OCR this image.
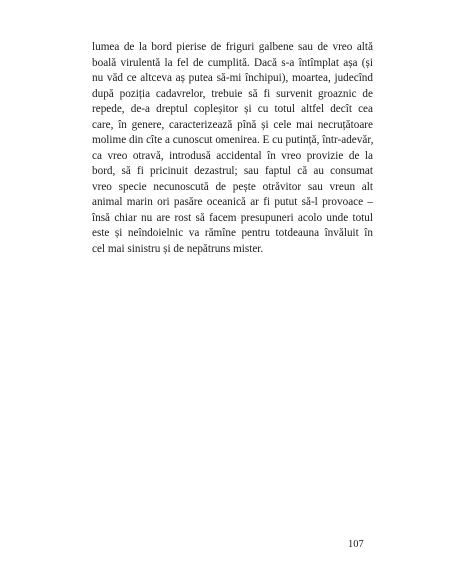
lumea de la bord pierise de friguri galbene sau de vreo altă
boală virulentă la fel de cumplită. Dacă s-a întîmplat așa (și
nu văd ce altceva aș putea să-mi închipui), moartea, judecînd
după poziția cadavrelor, trebuie să fi survenit groaznic de
repede, de-a dreptul copleșitor și cu totul altfel decît cea
care, în genere, caracterizează pînă și cele mai necruțătoare
molime din cîte a cunoscut omenirea. E cu putință, într-adevăr,
ca vreo otravă, introdusă accidental în vreo provizie de la
bord, să fi pricinuit dezastrul; sau faptul că au consumat
vreo specie necunoscută de pește otrăvitor sau vreun alt
animal marin ori pasăre oceanică ar fi putut să-l provoace –
însă chiar nu are rost să facem presupuneri acolo unde totul
este și neîndoielnic va rămîne pentru totdeauna învăluit în
cel mai sinistru și de nepătruns mister.
107
